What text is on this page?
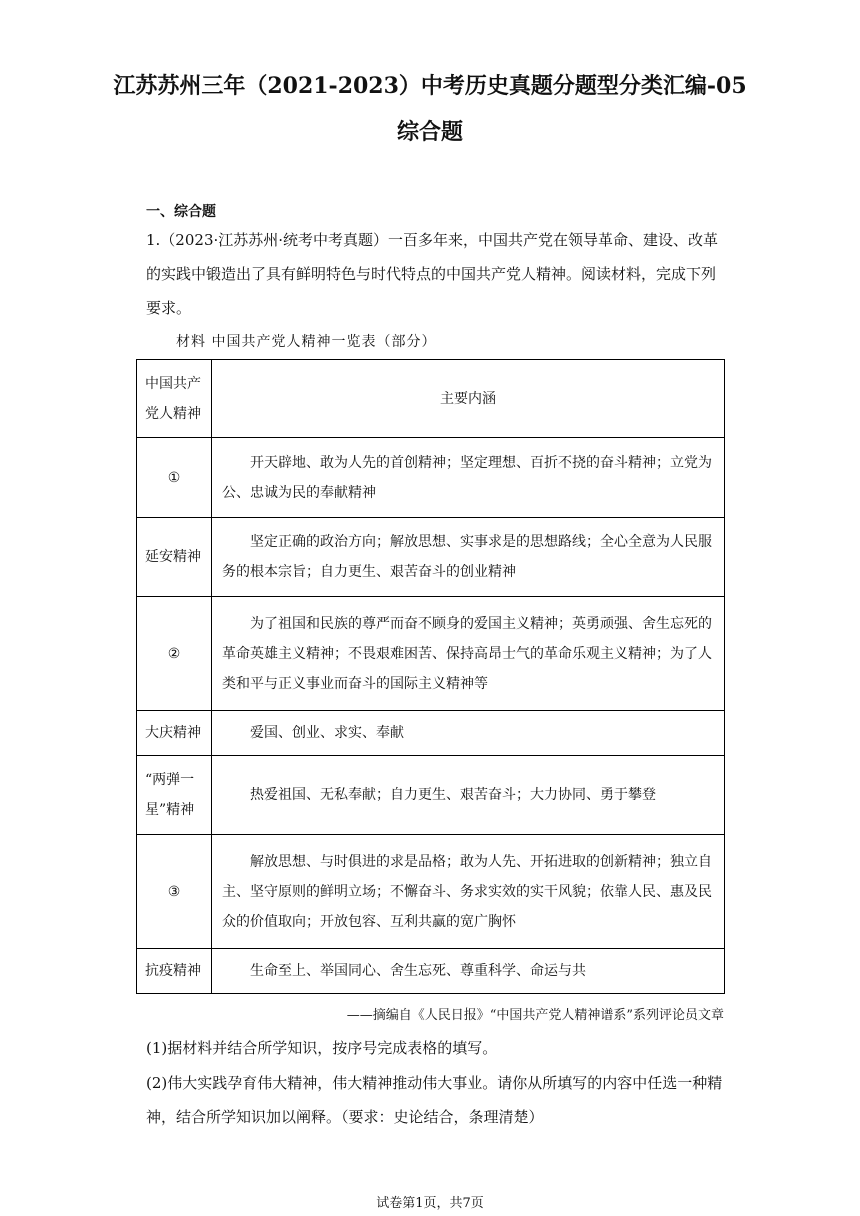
江苏苏州三年（2021-2023）中考历史真题分题型分类汇编-05
综合题
一、综合题
1.（2023·江苏苏州·统考中考真题）一百多年来，中国共产党在领导革命、建设、改革
的实践中锻造出了具有鲜明特色与时代特点的中国共产党人精神。阅读材料，完成下列
要求。
材料 中国共产党人精神一览表（部分）
中国共产
党人精神	主要内涵
①	开天辟地、敢为人先的首创精神；坚定理想、百折不挠的奋斗精神；立党为公、忠诚为民的奉献精神
延安精神	坚定正确的政治方向；解放思想、实事求是的思想路线；全心全意为人民服务的根本宗旨；自力更生、艰苦奋斗的创业精神
②	为了祖国和民族的尊严而奋不顾身的爱国主义精神；英勇顽强、舍生忘死的革命英雄主义精神；不畏艰难困苦、保持高昂士气的革命乐观主义精神；为了人类和平与正义事业而奋斗的国际主义精神等
大庆精神	爱国、创业、求实、奉献
“两弹一星”精神	热爱祖国、无私奉献；自力更生、艰苦奋斗；大力协同、勇于攀登
③	解放思想、与时俱进的求是品格；敢为人先、开拓进取的创新精神；独立自主、坚守原则的鲜明立场；不懈奋斗、务求实效的实干风貌；依靠人民、惠及民众的价值取向；开放包容、互利共赢的宽广胸怀
抗疫精神	生命至上、举国同心、舍生忘死、尊重科学、命运与共
——摘编自《人民日报》“中国共产党人精神谱系”系列评论员文章
(1)据材料并结合所学知识，按序号完成表格的填写。
(2)伟大实践孕育伟大精神，伟大精神推动伟大事业。请你从所填写的内容中任选一种精
神，结合所学知识加以阐释。（要求：史论结合，条理清楚）
试卷第1页，共7页
